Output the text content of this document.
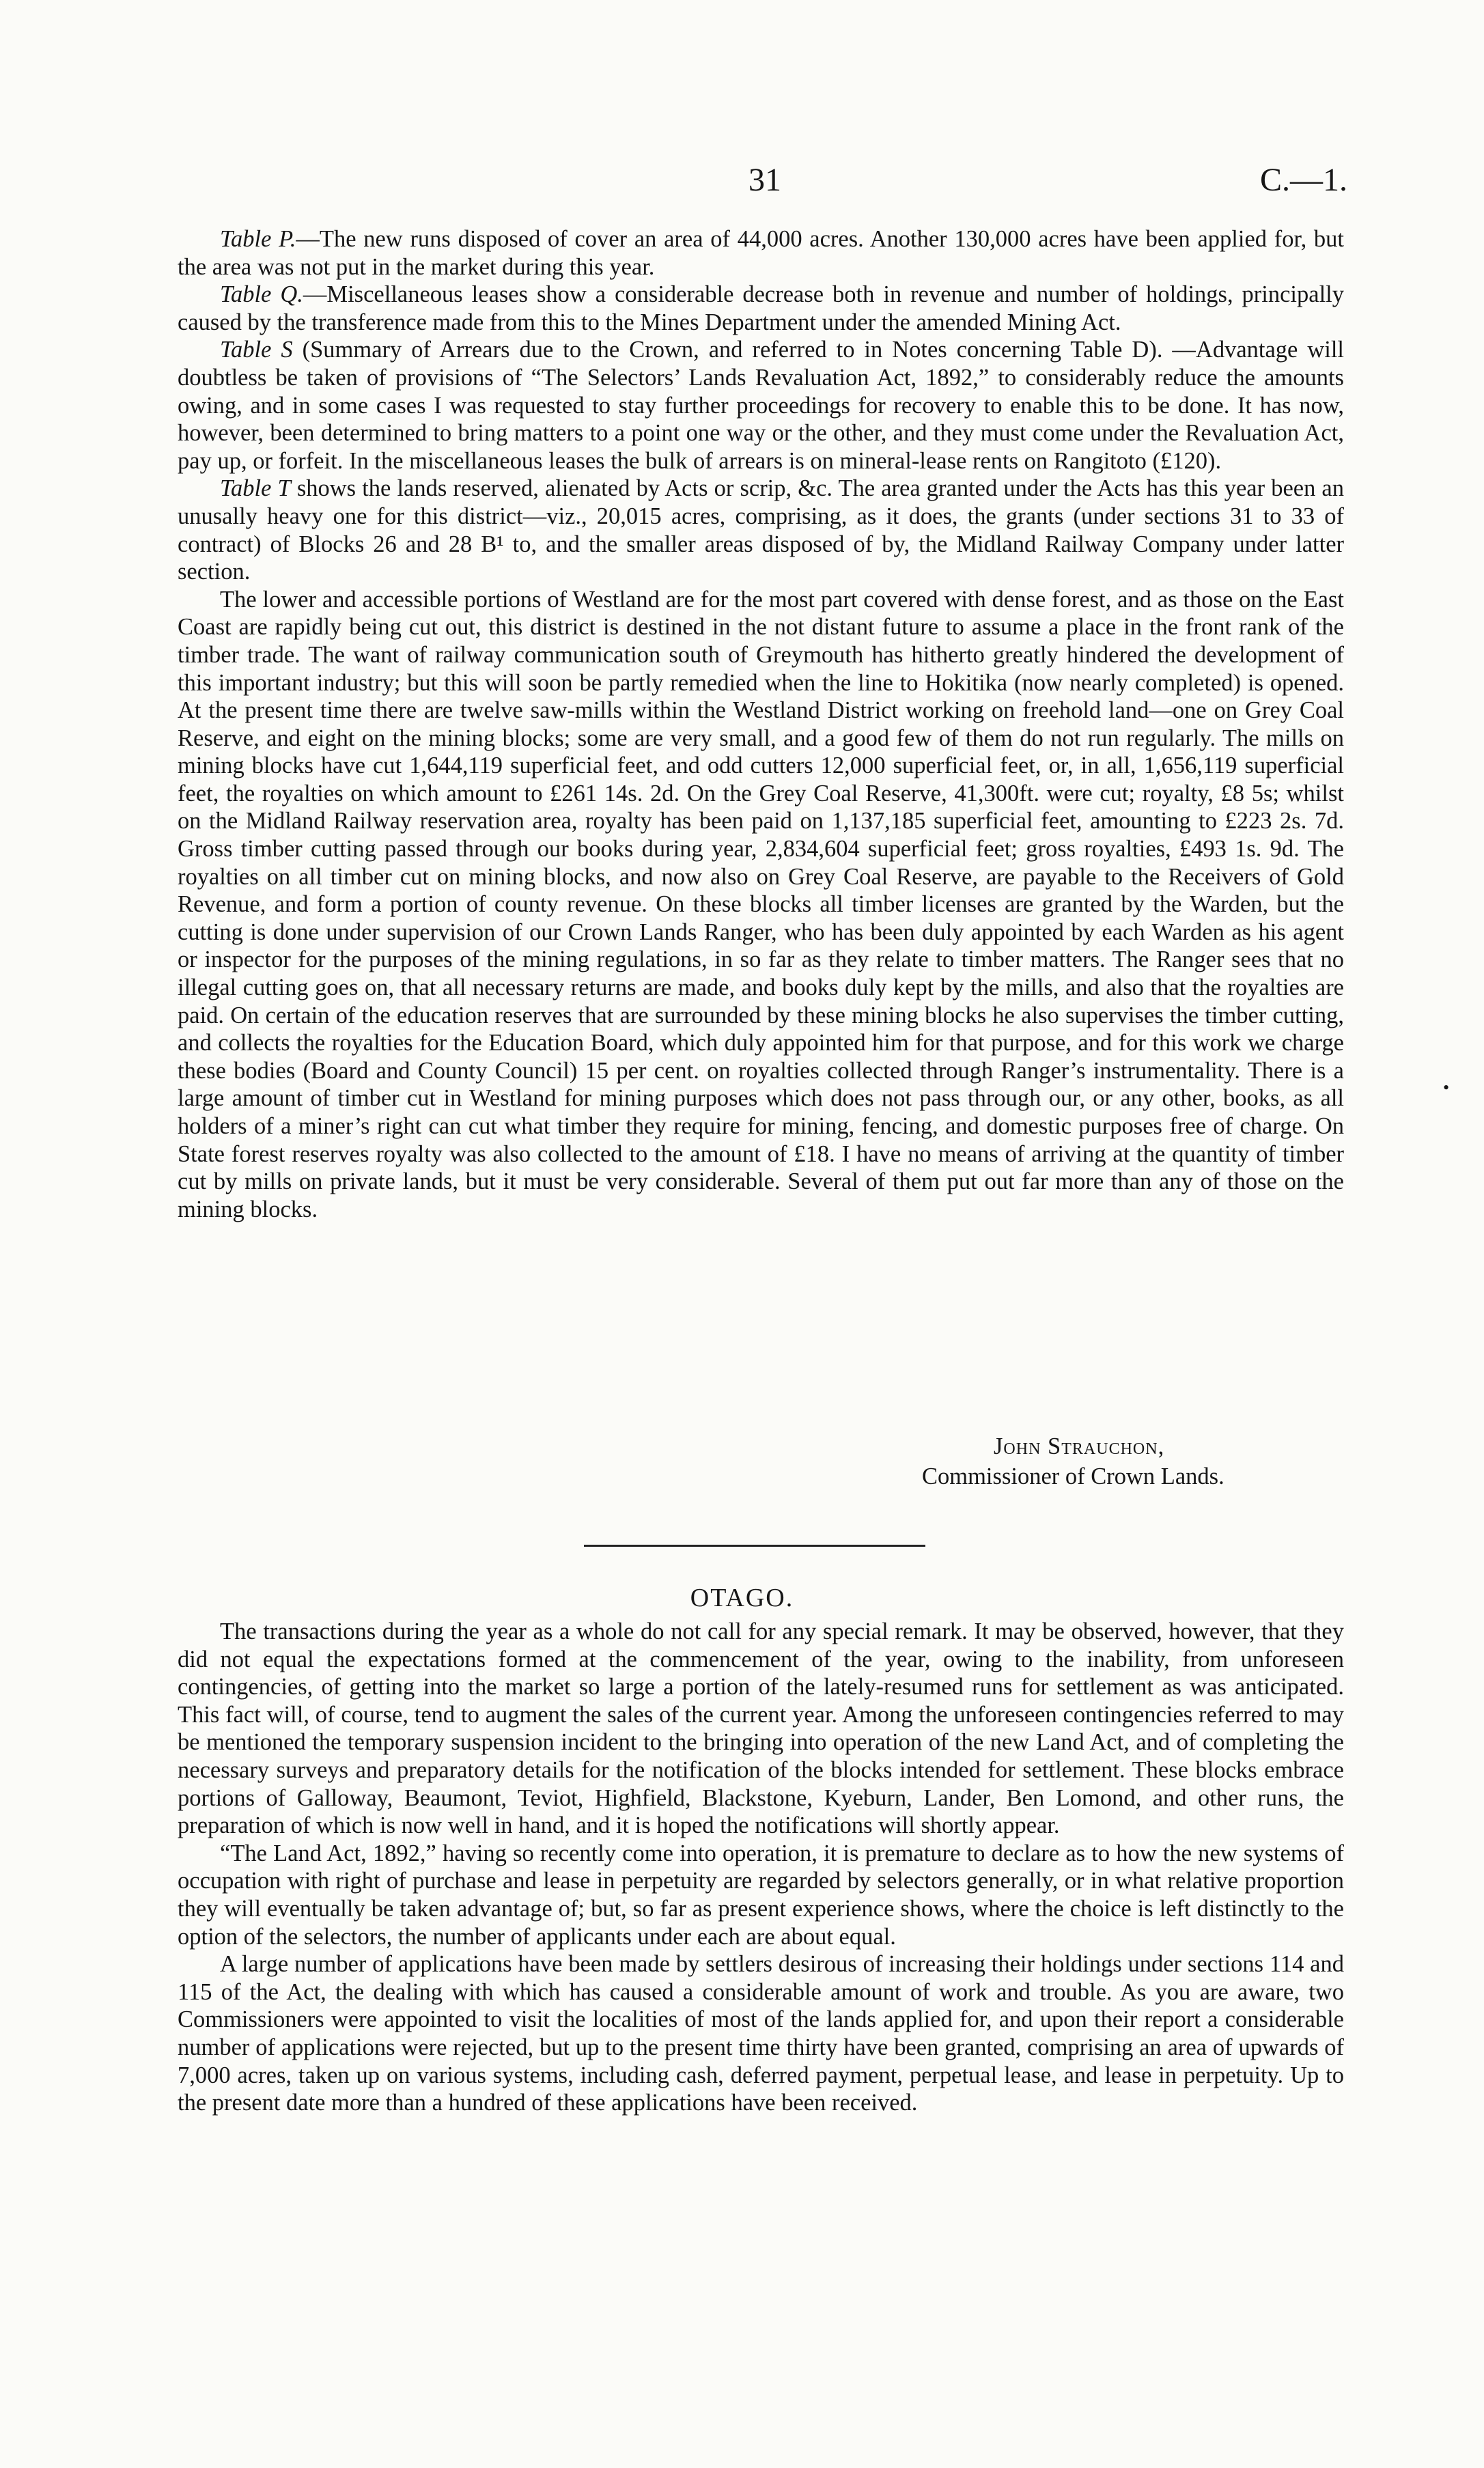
31	C.—1.

Table P.—The new runs disposed of cover an area of 44,000 acres. Another 130,000 acres have been applied for, but the area was not put in the market during this year.

Table Q.—Miscellaneous leases show a considerable decrease both in revenue and number of holdings, principally caused by the transference made from this to the Mines Department under the amended Mining Act.

Table S (Summary of Arrears due to the Crown, and referred to in Notes concerning Table D). —Advantage will doubtless be taken of provisions of “The Selectors’ Lands Revaluation Act, 1892,” to considerably reduce the amounts owing, and in some cases I was requested to stay further proceedings for recovery to enable this to be done. It has now, however, been determined to bring matters to a point one way or the other, and they must come under the Revaluation Act, pay up, or forfeit. In the miscellaneous leases the bulk of arrears is on mineral-lease rents on Rangitoto (£120).

Table T shows the lands reserved, alienated by Acts or scrip, &c. The area granted under the Acts has this year been an unusally heavy one for this district—viz., 20,015 acres, comprising, as it does, the grants (under sections 31 to 33 of contract) of Blocks 26 and 28 B¹ to, and the smaller areas disposed of by, the Midland Railway Company under latter section.

The lower and accessible portions of Westland are for the most part covered with dense forest, and as those on the East Coast are rapidly being cut out, this district is destined in the not distant future to assume a place in the front rank of the timber trade. The want of railway communication south of Greymouth has hitherto greatly hindered the development of this important industry; but this will soon be partly remedied when the line to Hokitika (now nearly completed) is opened. At the present time there are twelve saw-mills within the Westland District working on freehold land—one on Grey Coal Reserve, and eight on the mining blocks; some are very small, and a good few of them do not run regularly. The mills on mining blocks have cut 1,644,119 superficial feet, and odd cutters 12,000 superficial feet, or, in all, 1,656,119 superficial feet, the royalties on which amount to £261 14s. 2d. On the Grey Coal Reserve, 41,300ft. were cut; royalty, £8 5s; whilst on the Midland Railway reservation area, royalty has been paid on 1,137,185 superficial feet, amounting to £223 2s. 7d. Gross timber cutting passed through our books during year, 2,834,604 superficial feet; gross royalties, £493 1s. 9d. The royalties on all timber cut on mining blocks, and now also on Grey Coal Reserve, are payable to the Receivers of Gold Revenue, and form a portion of county revenue. On these blocks all timber licenses are granted by the Warden, but the cutting is done under supervision of our Crown Lands Ranger, who has been duly appointed by each Warden as his agent or inspector for the purposes of the mining regulations, in so far as they relate to timber matters. The Ranger sees that no illegal cutting goes on, that all necessary returns are made, and books duly kept by the mills, and also that the royalties are paid. On certain of the education reserves that are surrounded by these mining blocks he also supervises the timber cutting, and collects the royalties for the Education Board, which duly appointed him for that purpose, and for this work we charge these bodies (Board and County Council) 15 per cent. on royalties collected through Ranger’s instrumentality. There is a large amount of timber cut in Westland for mining purposes which does not pass through our, or any other, books, as all holders of a miner’s right can cut what timber they require for mining, fencing, and domestic purposes free of charge. On State forest reserves royalty was also collected to the amount of £18. I have no means of arriving at the quantity of timber cut by mills on private lands, but it must be very considerable. Several of them put out far more than any of those on the mining blocks.

John Strauchon,
Commissioner of Crown Lands.
OTAGO.

The transactions during the year as a whole do not call for any special remark. It may be observed, however, that they did not equal the expectations formed at the commencement of the year, owing to the inability, from unforeseen contingencies, of getting into the market so large a portion of the lately-resumed runs for settlement as was anticipated. This fact will, of course, tend to augment the sales of the current year. Among the unforeseen contingencies referred to may be mentioned the temporary suspension incident to the bringing into operation of the new Land Act, and of completing the necessary surveys and preparatory details for the notification of the blocks intended for settlement. These blocks embrace portions of Galloway, Beaumont, Teviot, Highfield, Blackstone, Kyeburn, Lander, Ben Lomond, and other runs, the preparation of which is now well in hand, and it is hoped the notifications will shortly appear.

“The Land Act, 1892,” having so recently come into operation, it is premature to declare as to how the new systems of occupation with right of purchase and lease in perpetuity are regarded by selectors generally, or in what relative proportion they will eventually be taken advantage of; but, so far as present experience shows, where the choice is left distinctly to the option of the selectors, the number of applicants under each are about equal.

A large number of applications have been made by settlers desirous of increasing their holdings under sections 114 and 115 of the Act, the dealing with which has caused a considerable amount of work and trouble. As you are aware, two Commissioners were appointed to visit the localities of most of the lands applied for, and upon their report a considerable number of applications were rejected, but up to the present time thirty have been granted, comprising an area of upwards of 7,000 acres, taken up on various systems, including cash, deferred payment, perpetual lease, and lease in perpetuity. Up to the present date more than a hundred of these applications have been received.

•
